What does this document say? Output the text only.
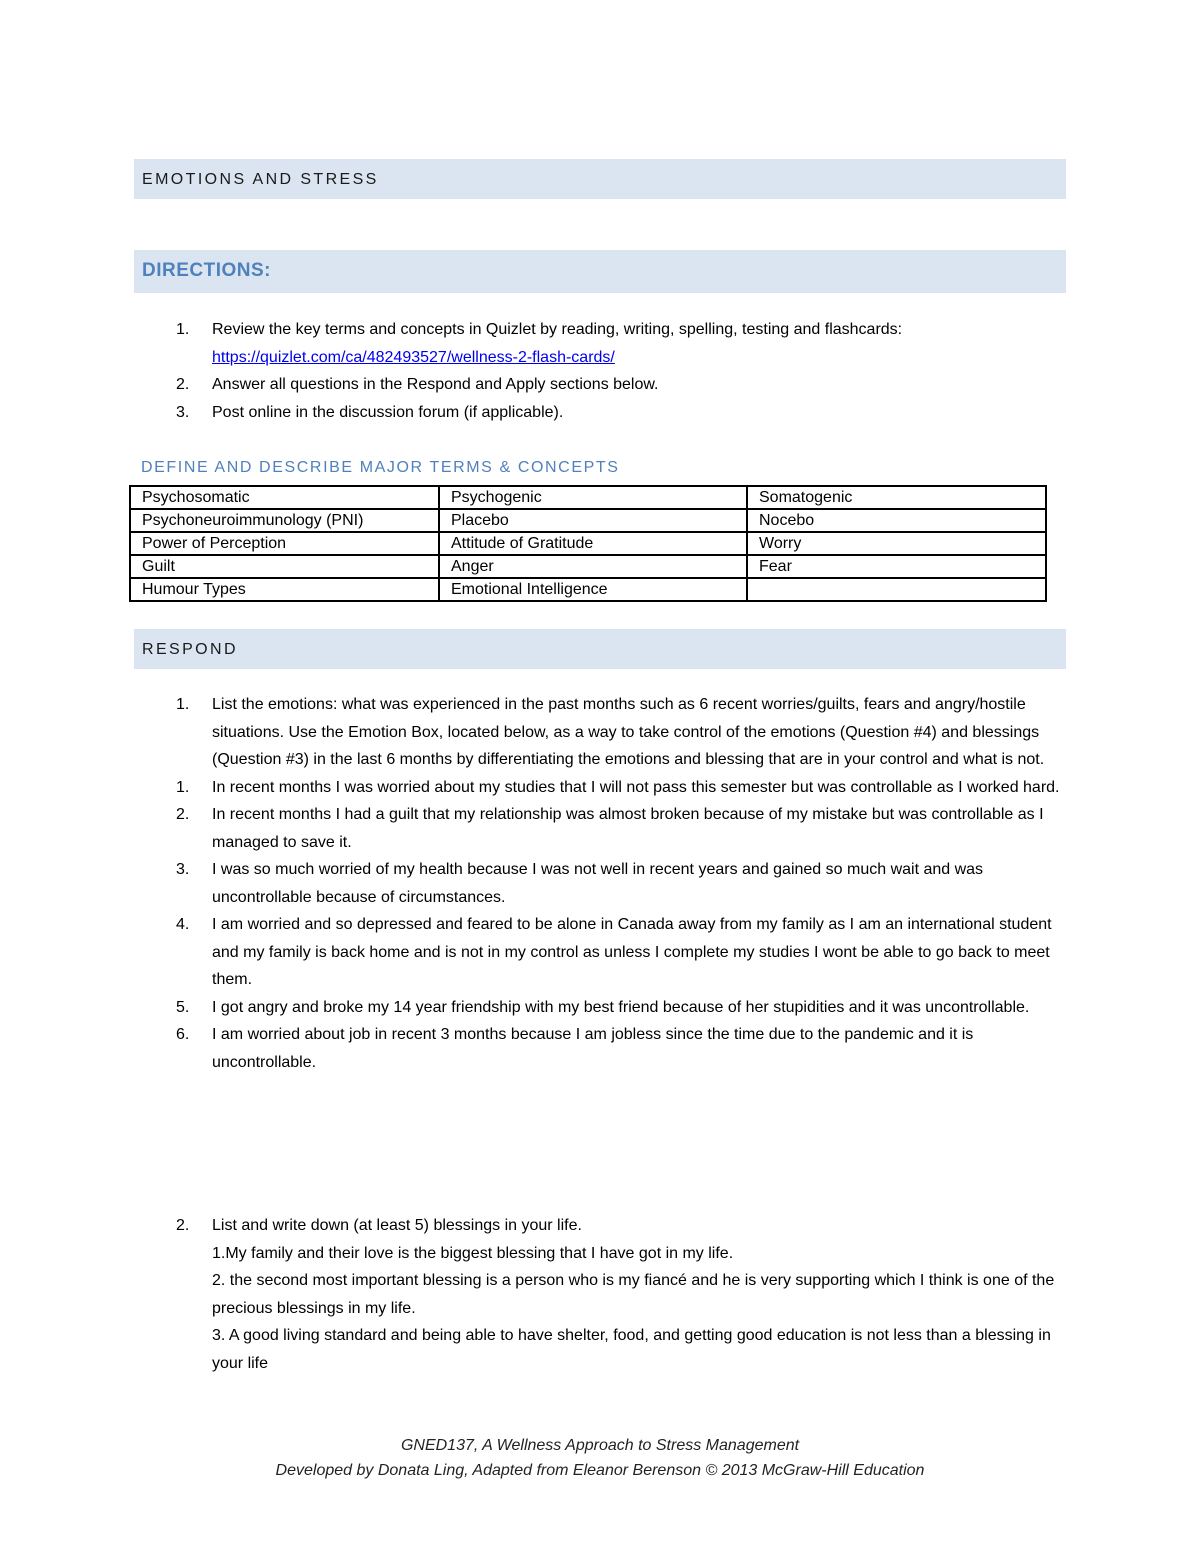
EMOTIONS AND STRESS
DIRECTIONS:
1. Review the key terms and concepts in Quizlet by reading, writing, spelling, testing and flashcards:
https://quizlet.com/ca/482493527/wellness-2-flash-cards/
2. Answer all questions in the Respond and Apply sections below.
3. Post online in the discussion forum (if applicable).
DEFINE AND DESCRIBE MAJOR TERMS & CONCEPTS
Psychosomatic	Psychogenic	Somatogenic
Psychoneuroimmunology (PNI)	Placebo	Nocebo
Power of Perception	Attitude of Gratitude	Worry
Guilt	Anger	Fear
Humour Types	Emotional Intelligence	
RESPOND
1. List the emotions: what was experienced in the past months such as 6 recent worries/guilts, fears and angry/hostile situations. Use the Emotion Box, located below, as a way to take control of the emotions (Question #4) and blessings (Question #3) in the last 6 months by differentiating the emotions and blessing that are in your control and what is not.
1. In recent months I was worried about my studies that I will not pass this semester but was controllable as I worked hard.
2. In recent months I had a guilt that my relationship was almost broken because of my mistake but was controllable as I managed to save it.
3. I was so much worried of my health because I was not well in recent years and gained so much wait and was uncontrollable because of circumstances.
4. I am worried and so depressed and feared to be alone in Canada away from my family as I am an international student and my family is back home and is not in my control as unless I complete my studies I wont be able to go back to meet them.
5. I got angry and broke my 14 year friendship with my best friend because of her stupidities and it was uncontrollable.
6. I am worried about job in recent 3 months because I am jobless since the time due to the pandemic and it is uncontrollable.
2. List and write down (at least 5) blessings in your life.
1.My family and their love is the biggest blessing that I have got in my life.
2. the second most important blessing is a person who is my fiancé and he is very supporting which I think is one of the precious blessings in my life.
3. A good living standard and being able to have shelter, food, and getting good education is not less than a blessing in your life
GNED137, A Wellness Approach to Stress Management
Developed by Donata Ling, Adapted from Eleanor Berenson © 2013 McGraw-Hill Education
